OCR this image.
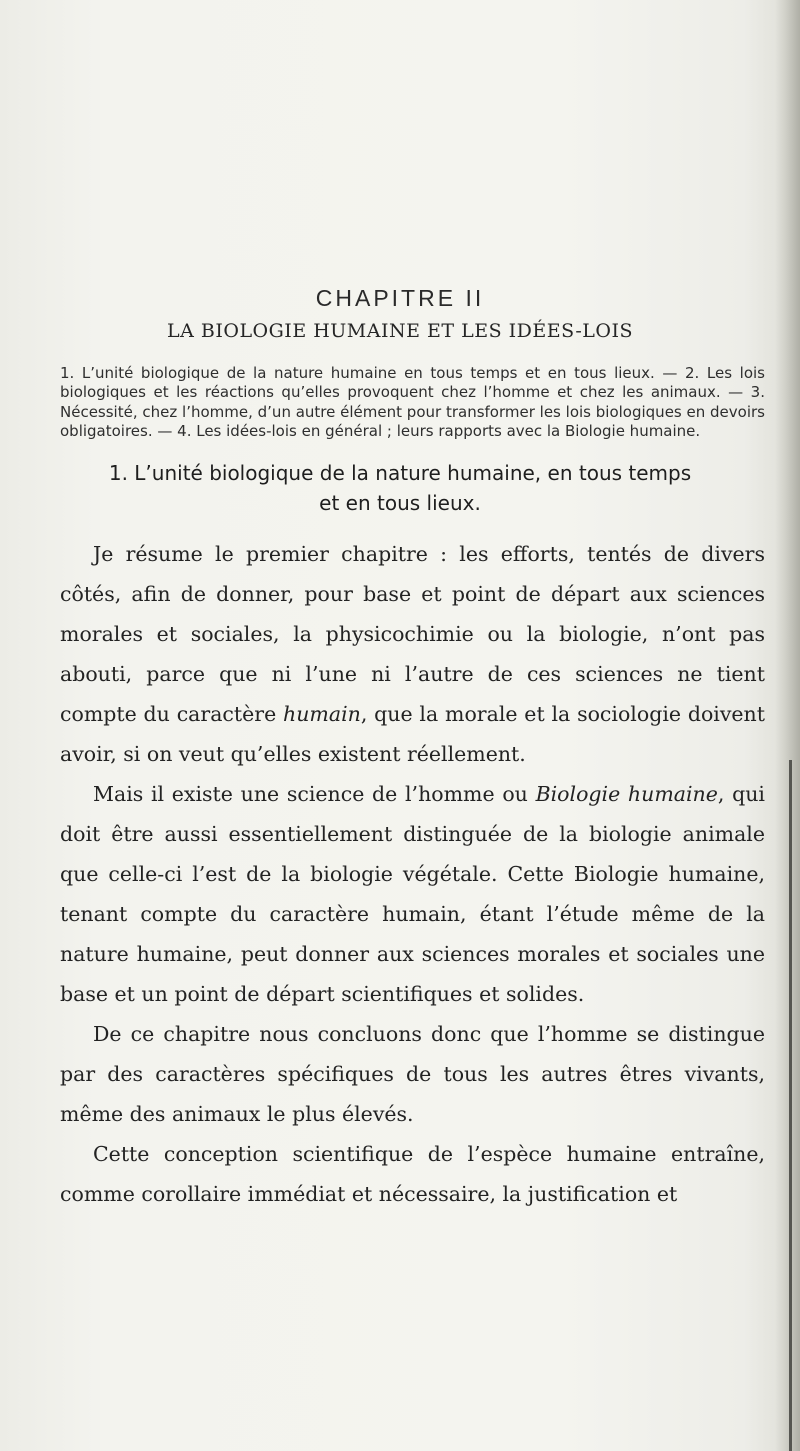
CHAPITRE II
LA BIOLOGIE HUMAINE ET LES IDÉES-LOIS
1. L’unité biologique de la nature humaine en tous temps et en tous lieux. — 2. Les lois biologiques et les réactions qu’elles provoquent chez l’homme et chez les animaux. — 3. Nécessité, chez l’homme, d’un autre élément pour transformer les lois biologiques en devoirs obligatoires. — 4. Les idées-lois en général ; leurs rapports avec la Biologie humaine.
1. L’unité biologique de la nature humaine, en tous temps
et en tous lieux.

Je résume le premier chapitre : les efforts, tentés de divers côtés, afin de donner, pour base et point de départ aux sciences morales et sociales, la physicochimie ou la biologie, n’ont pas abouti, parce que ni l’une ni l’autre de ces sciences ne tient compte du caractère humain, que la morale et la sociologie doivent avoir, si on veut qu’elles existent réellement.

Mais il existe une science de l’homme ou Biologie humaine, qui doit être aussi essentiellement distinguée de la biologie animale que celle-ci l’est de la biologie végétale. Cette Biologie humaine, tenant compte du caractère humain, étant l’étude même de la nature humaine, peut donner aux sciences morales et sociales une base et un point de départ scientifiques et solides.

De ce chapitre nous concluons donc que l’homme se distingue par des caractères spécifiques de tous les autres êtres vivants, même des animaux le plus élevés.

Cette conception scientifique de l’espèce humaine entraîne, comme corollaire immédiat et nécessaire, la justification et
